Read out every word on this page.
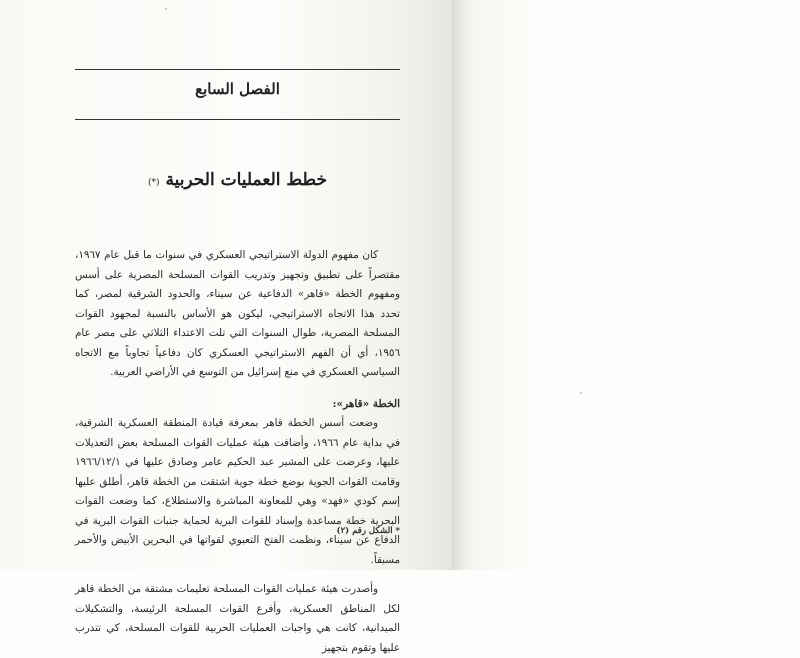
الفصل السابع
خطط العمليات الحربية (*)

كان مفهوم الدولة الاستراتيجي العسكري في سنوات ما قبل عام ١٩٦٧، مقتصراً على تطبيق وتجهيز وتدريب القوات المسلحة المصرية على أسس ومفهوم الخطة «قاهر» الدفاعية عن سيناء، والحدود الشرقية لمصر، كما تحدد هذا الاتجاه الاستراتيجي، ليكون هو الأساس بالنسبة لمجهود القوات المسلحة المصرية، طوال السنوات التي تلت الاعتداء الثلاثي على مصر عام ١٩٥٦، أي أن الفهم الاستراتيجي العسكري كان دفاعياً تجاوباً مع الاتجاه السياسي العسكري في منع إسرائيل من التوسع في الأراضي العربية.

الخطة «قاهر»:

وضعت أسس الخطة قاهر بمعرفة قيادة المنطقة العسكرية الشرقية، في بداية عام ١٩٦٦، وأضافت هيئة عمليات القوات المسلحة بعض التعديلات عليها، وعرضت على المشير عبد الحكيم عامر وصادق عليها في ١٩٦٦/١٢/١ وقامت القوات الجوية بوضع خطة جوية اشتقت من الخطة قاهر، أطلق عليها إسم كودي «فهد» وهي للمعاونة المباشرة والاستطلاع، كما وضعت القوات البحرية خطة مساعدة وإسناد للقوات البرية لحماية جنبات القوات البرية في الدفاع عن سيناء، ونظمت الفتح التعبوي لقواتها في البحرين الأبيض والأحمر مسبقاً.

وأصدرت هيئة عمليات القوات المسلحة تعليمات مشتقة من الخطة قاهر لكل المناطق العسكرية، وأفرع القوات المسلحة الرئيسة، والتشكيلات الميدانية، كانت هي واجبات العمليات الحربية للقوات المسلحة، كي تتدرب عليها وتقوم بتجهيز

* الشكل رقم (٢)
